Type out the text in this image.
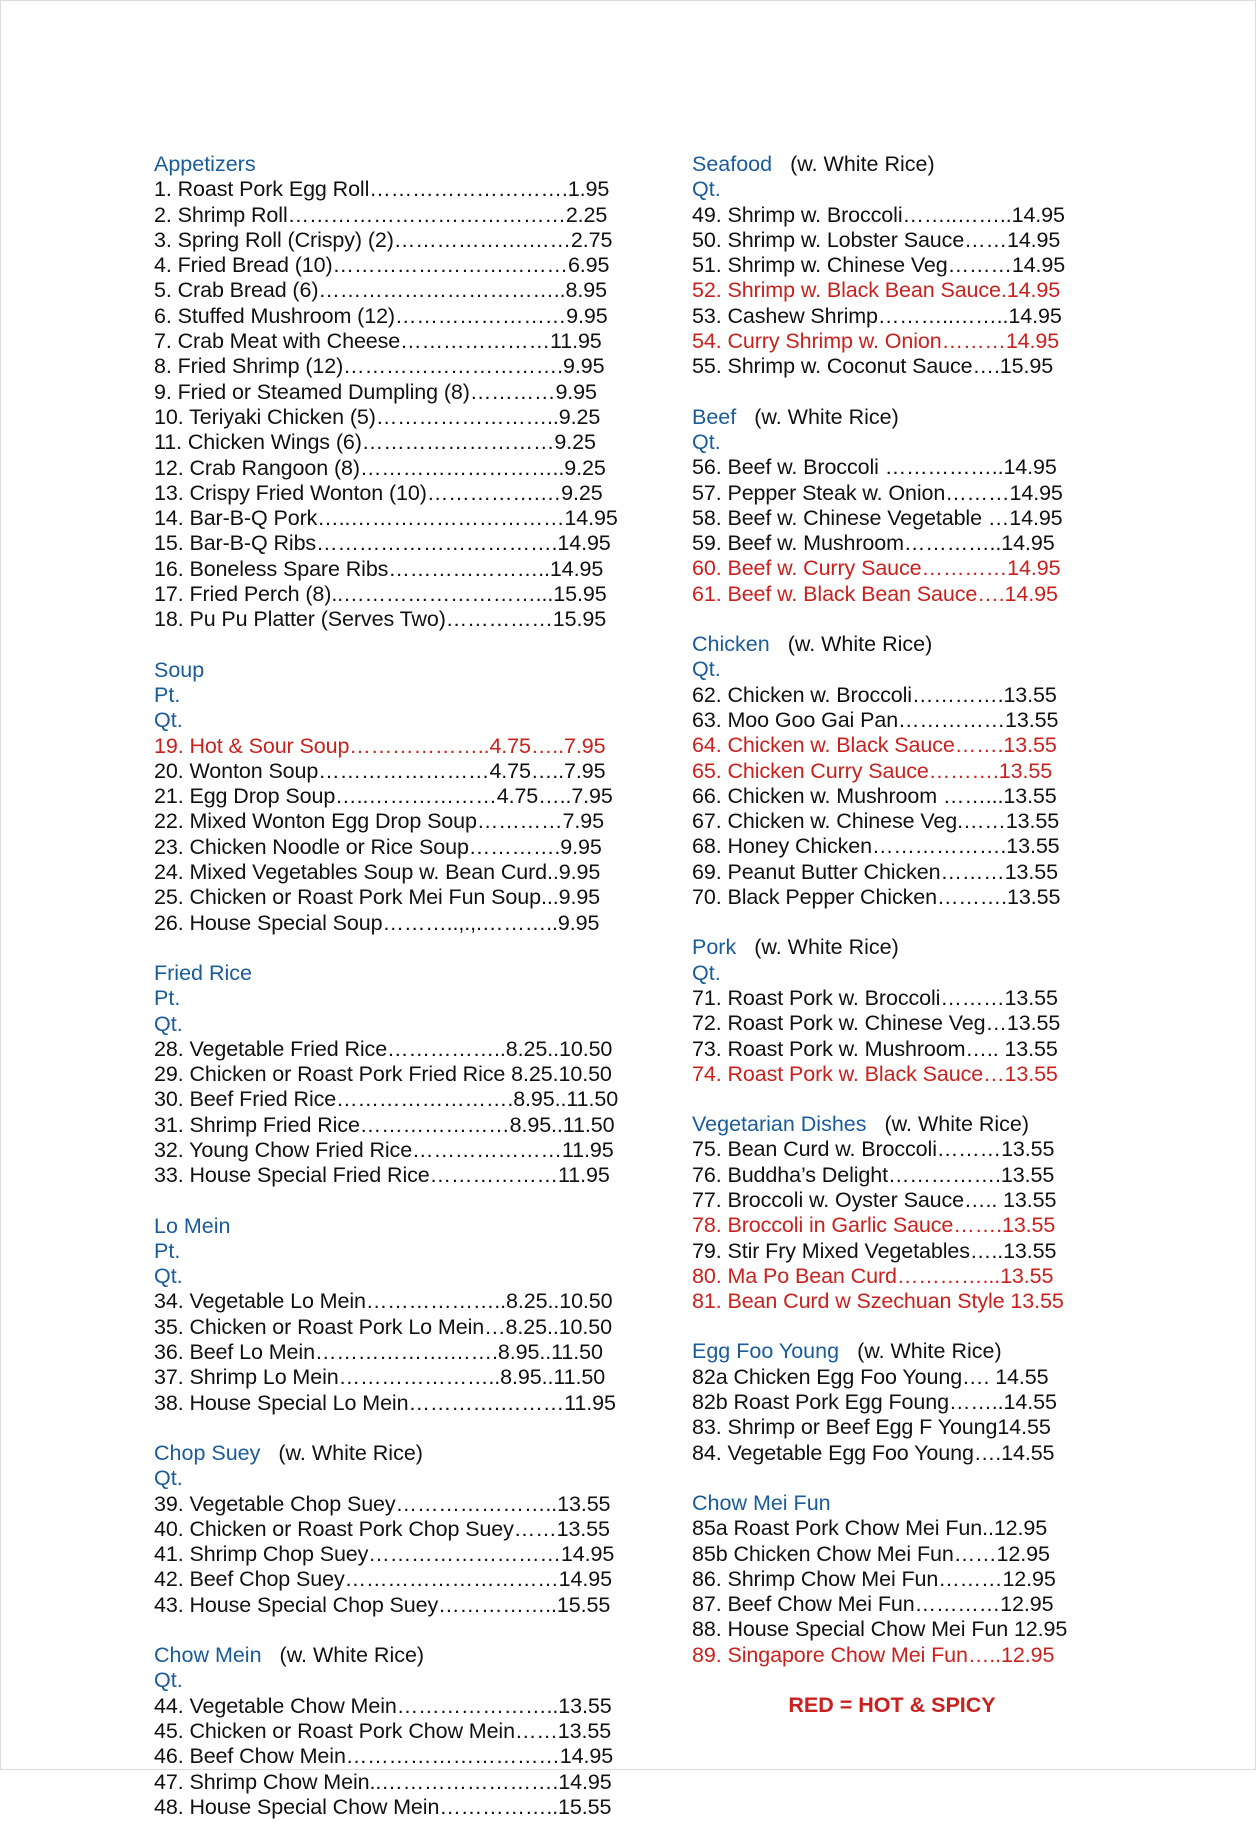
Appetizers
1. Roast Pork Egg Roll……………………….1.95
2. Shrimp Roll…………………………………2.25
3. Spring Roll (Crispy) (2)……………….……2.75
4. Fried Bread (10)……………………………6.95
5. Crab Bread (6)……………………………..8.95
6. Stuffed Mushroom (12)……………………9.95
7. Crab Meat with Cheese…………………11.95
8. Fried Shrimp (12)………………………….9.95
9. Fried or Steamed Dumpling (8)…………9.95
10. Teriyaki Chicken (5)……………………..9.25
11. Chicken Wings (6)………………………9.25
12. Crab Rangoon (8)………………………..9.25
13. Crispy Fried Wonton (10)…………….…9.25
14. Bar-B-Q Pork…..…………………………14.95
15. Bar-B-Q Ribs…………………………….14.95
16. Boneless Spare Ribs…………………..14.95
17. Fried Perch (8)..………………………...15.95
18. Pu Pu Platter (Serves Two)……………15.95
Soup
Pt.
Qt.
19. Hot & Sour Soup………………..4.75…..7.95
20. Wonton Soup……………………4.75…..7.95
21. Egg Drop Soup…..………………4.75…..7.95
22. Mixed Wonton Egg Drop Soup…………7.95
23. Chicken Noodle or Rice Soup………….9.95
24. Mixed Vegetables Soup w. Bean Curd..9.95
25. Chicken or Roast Pork Mei Fun Soup...9.95
26. House Special Soup………..,.,.………..9.95
Fried Rice
Pt.
Qt.
28. Vegetable Fried Rice……………..8.25..10.50
29. Chicken or Roast Pork Fried Rice 8.25.10.50
30. Beef Fried Rice…………………….8.95..11.50
31. Shrimp Fried Rice…………………8.95..11.50
32. Young Chow Fried Rice…………………11.95
33. House Special Fried Rice………………11.95
Lo Mein
Pt.
Qt.
34. Vegetable Lo Mein………………..8.25..10.50
35. Chicken or Roast Pork Lo Mein…8.25..10.50
36. Beef Lo Mein……………….…….8.95..11.50
37. Shrimp Lo Mein…………………..8.95..11.50
38. House Special Lo Mein………….………11.95
Chop Suey (w. White Rice)
Qt.
39. Vegetable Chop Suey…………………..13.55
40. Chicken or Roast Pork Chop Suey……13.55
41. Shrimp Chop Suey………………………14.95
42. Beef Chop Suey…………………………14.95
43. House Special Chop Suey……………..15.55
Chow Mein (w. White Rice)
Qt.
44. Vegetable Chow Mein…………………..13.55
45. Chicken or Roast Pork Chow Mein……13.55
46. Beef Chow Mein…………………………14.95
47. Shrimp Chow Mein..…………………….14.95
48. House Special Chow Mein……………..15.55
Seafood (w. White Rice)
Qt.
49. Shrimp w. Broccoli……..……..14.95
50. Shrimp w. Lobster Sauce……14.95
51. Shrimp w. Chinese Veg………14.95
52. Shrimp w. Black Bean Sauce.14.95
53. Cashew Shrimp………..……..14.95
54. Curry Shrimp w. Onion………14.95
55. Shrimp w. Coconut Sauce….15.95
Beef (w. White Rice)
Qt.
56. Beef w. Broccoli ……………..14.95
57. Pepper Steak w. Onion………14.95
58. Beef w. Chinese Vegetable …14.95
59. Beef w. Mushroom…………..14.95
60. Beef w. Curry Sauce…………14.95
61. Beef w. Black Bean Sauce….14.95
Chicken (w. White Rice)
Qt.
62. Chicken w. Broccoli………….13.55
63. Moo Goo Gai Pan……………13.55
64. Chicken w. Black Sauce…….13.55
65. Chicken Curry Sauce……….13.55
66. Chicken w. Mushroom ……...13.55
67. Chicken w. Chinese Veg.……13.55
68. Honey Chicken……………….13.55
69. Peanut Butter Chicken………13.55
70. Black Pepper Chicken……….13.55
Pork (w. White Rice)
Qt.
71. Roast Pork w. Broccoli………13.55
72. Roast Pork w. Chinese Veg…13.55
73. Roast Pork w. Mushroom….. 13.55
74. Roast Pork w. Black Sauce…13.55
Vegetarian Dishes (w. White Rice)
75. Bean Curd w. Broccoli………13.55
76. Buddha’s Delight…………….13.55
77. Broccoli w. Oyster Sauce….. 13.55
78. Broccoli in Garlic Sauce…….13.55
79. Stir Fry Mixed Vegetables…..13.55
80. Ma Po Bean Curd…………...13.55
81. Bean Curd w Szechuan Style 13.55
Egg Foo Young (w. White Rice)
82a Chicken Egg Foo Young…. 14.55
82b Roast Pork Egg Foung……..14.55
83. Shrimp or Beef Egg F Young14.55
84. Vegetable Egg Foo Young….14.55
Chow Mei Fun
85a Roast Pork Chow Mei Fun..12.95
85b Chicken Chow Mei Fun……12.95
86. Shrimp Chow Mei Fun………12.95
87. Beef Chow Mei Fun…………12.95
88. House Special Chow Mei Fun 12.95
89. Singapore Chow Mei Fun…..12.95
RED = HOT & SPICY
